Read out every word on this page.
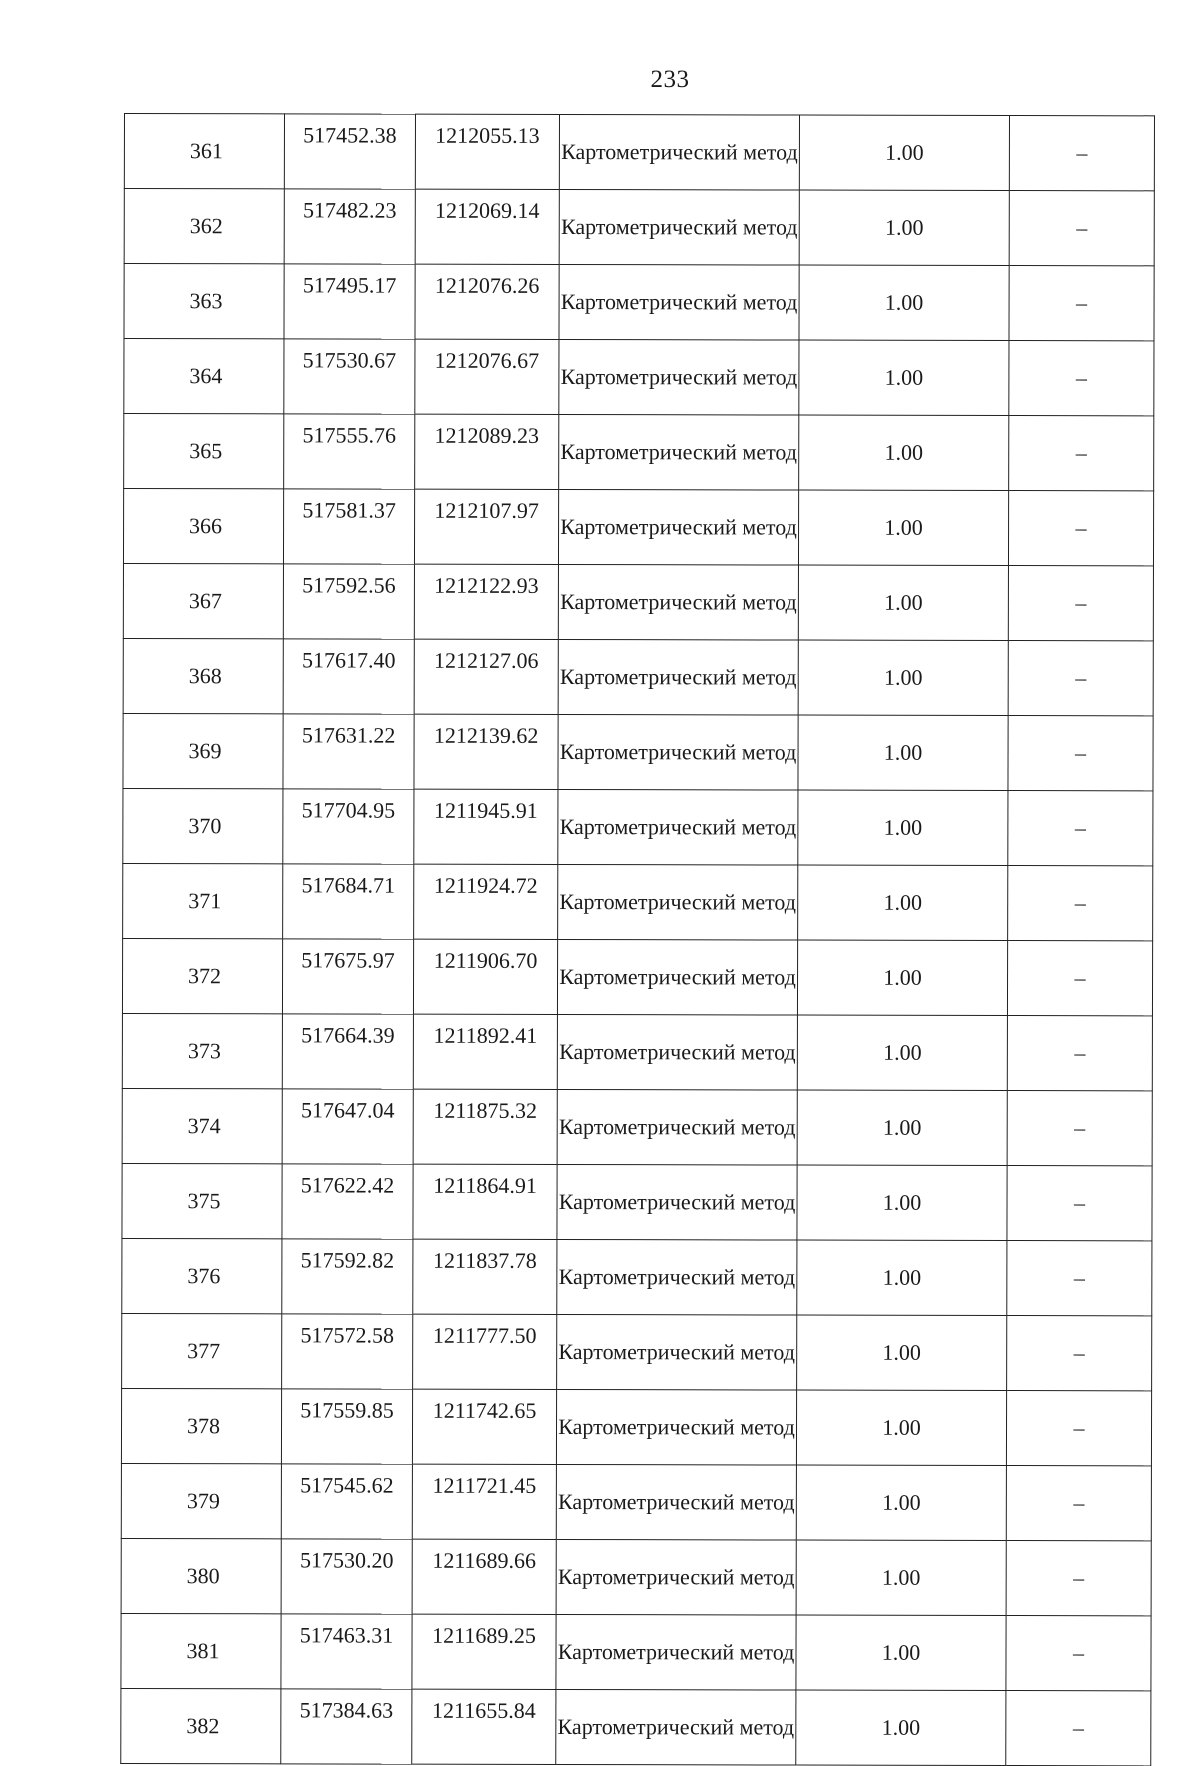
233
361	517452.38	1212055.13	Картометрический метод	1.00	–
362	517482.23	1212069.14	Картометрический метод	1.00	–
363	517495.17	1212076.26	Картометрический метод	1.00	–
364	517530.67	1212076.67	Картометрический метод	1.00	–
365	517555.76	1212089.23	Картометрический метод	1.00	–
366	517581.37	1212107.97	Картометрический метод	1.00	–
367	517592.56	1212122.93	Картометрический метод	1.00	–
368	517617.40	1212127.06	Картометрический метод	1.00	–
369	517631.22	1212139.62	Картометрический метод	1.00	–
370	517704.95	1211945.91	Картометрический метод	1.00	–
371	517684.71	1211924.72	Картометрический метод	1.00	–
372	517675.97	1211906.70	Картометрический метод	1.00	–
373	517664.39	1211892.41	Картометрический метод	1.00	–
374	517647.04	1211875.32	Картометрический метод	1.00	–
375	517622.42	1211864.91	Картометрический метод	1.00	–
376	517592.82	1211837.78	Картометрический метод	1.00	–
377	517572.58	1211777.50	Картометрический метод	1.00	–
378	517559.85	1211742.65	Картометрический метод	1.00	–
379	517545.62	1211721.45	Картометрический метод	1.00	–
380	517530.20	1211689.66	Картометрический метод	1.00	–
381	517463.31	1211689.25	Картометрический метод	1.00	–
382	517384.63	1211655.84	Картометрический метод	1.00	–
